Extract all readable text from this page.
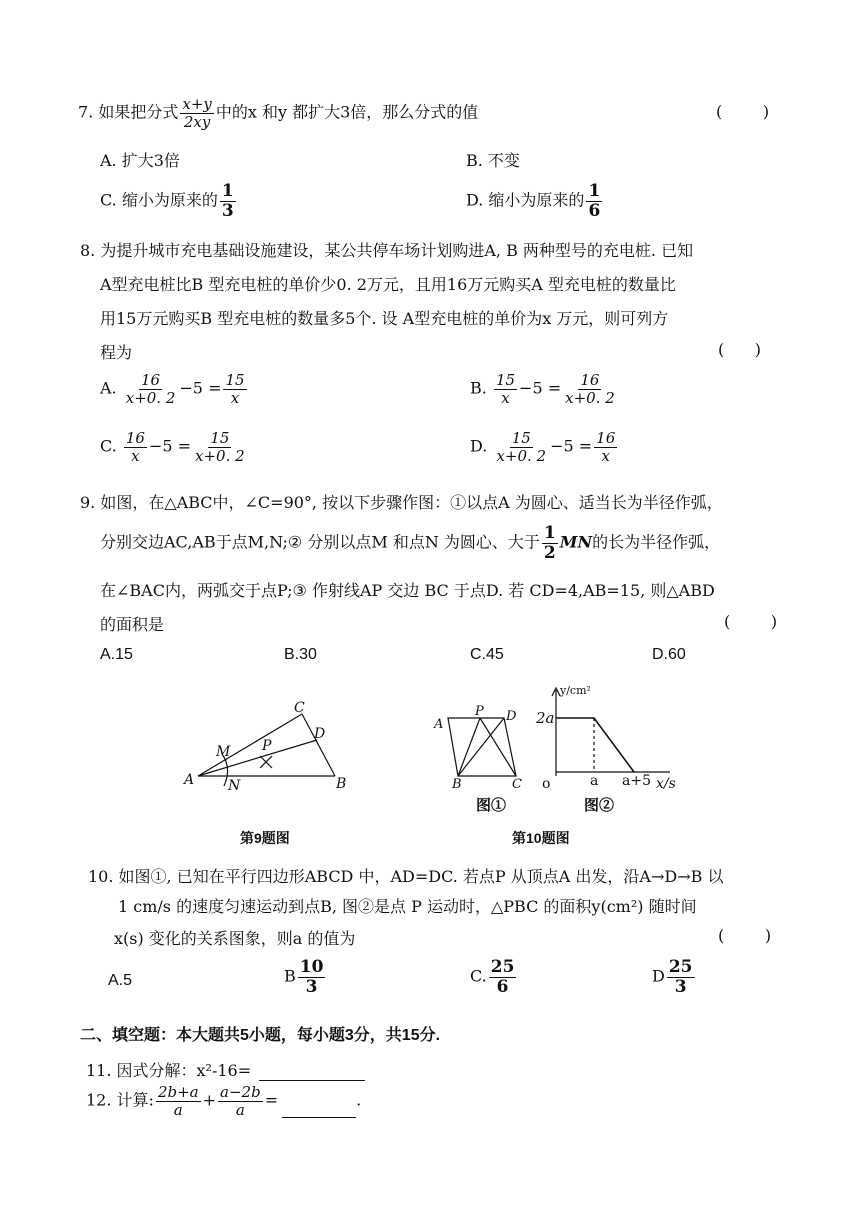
7. 如果把分式 $\frac{x+y}{2xy}$ 中的x 和y 都扩大3倍，那么分式的值	(        )
A. 扩大3倍	B. 不变
C. 缩小为原来的 $\frac{1}{3}$	D. 缩小为原来的 $\frac{1}{6}$
8. 为提升城市充电基础设施建设，某公共停车场计划购进A, B 两种型号的充电桩. 已知
A型充电桩比B 型充电桩的单价少0. 2万元，且用16万元购买A 型充电桩的数量比
用15万元购买B 型充电桩的数量多5个. 设 A型充电桩的单价为x 万元，则可列方
程为	(      )
A. $\frac{16}{x+0. 2} -5 = \frac{15}{x}$	B. $\frac{15}{x} -5 = \frac{16}{x+0. 2}$
C. $\frac{16}{x} -5 = \frac{15}{x+0. 2}$	D. $\frac{15}{x+0. 2} -5 = \frac{16}{x}$
9. 如图，在△ABC中，∠C=90°, 按以下步骤作图：①以点A 为圆心、适当长为半径作弧，
分别交边AC,AB于点M,N;② 分别以点M 和点N 为圆心、大于 $\frac{1}{2}$ MN的长为半径作弧，
在∠BAC内，两弧交于点P;③ 作射线AP 交边 BC 于点D. 若 CD=4,AB=15, 则△ABD
的面积是	(        )
A.15	B.30	C.45	D.60
A	B
C
D
M
N
P
第9题图
A
P D
B	C
图①
y/cm²
2a
o	a a+5 x/s
图②
第10题图
10. 如图①, 已知在平行四边形ABCD 中，AD=DC. 若点P 从顶点A 出发，沿A→D→B 以
1 cm/s 的速度匀速运动到点B, 图②是点 P 运动时，△PBC 的面积y(cm²) 随时间
x(s) 变化的关系图象，则a 的值为	(        )
A.5	B $\frac{10}{3}$	C. $\frac{25}{6}$	D $\frac{25}{3}$
二、填空题：本大题共5小题，每小题3分，共15分.
11. 因式分解：x²-16=
12. 计算: $\frac{2b+a}{a} + \frac{a-2b}{a}$ =	.
